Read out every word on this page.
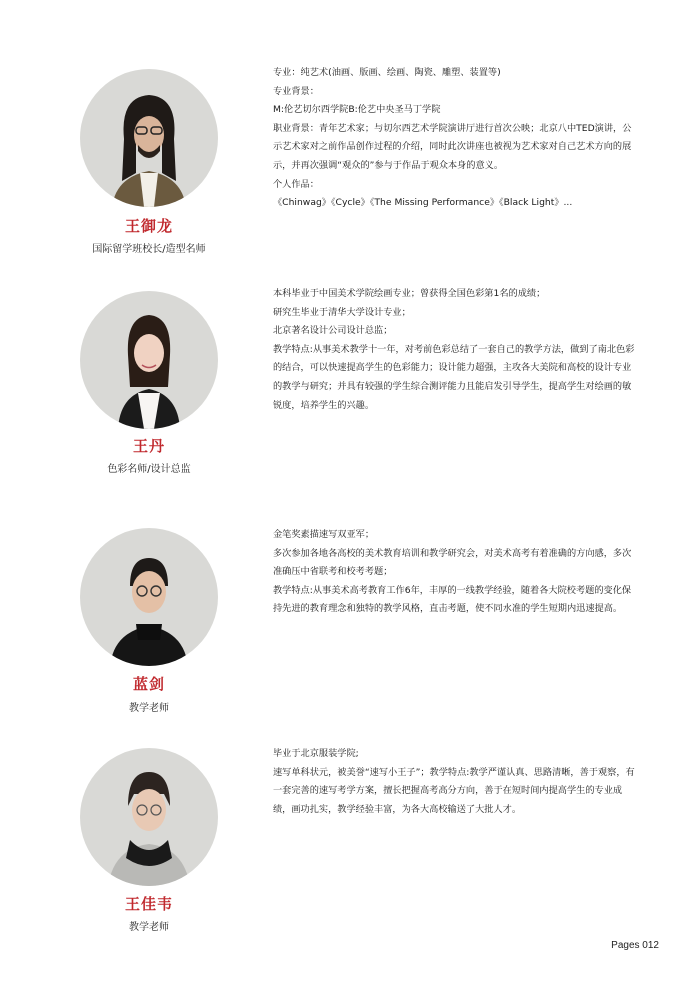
王御龙
国际留学班校长/造型名师

专业：纯艺术(油画、版画、绘画、陶瓷、雕塑、装置等)

专业背景：

M:伦艺切尔西学院B:伦艺中央圣马丁学院

职业背景：青年艺术家；与切尔西艺术学院演讲厅进行首次公映；北京八中TED演讲，公示艺术家对之前作品创作过程的介绍，同时此次讲座也被视为艺术家对自己艺术方向的展示，并再次强调“观众的”参与于作品于观众本身的意义。

个人作品：

《Chinwag》《Cycle》《The Missing Performance》《Black Light》...

王丹
色彩名师/设计总监

本科毕业于中国美术学院绘画专业；曾获得全国色彩第1名的成绩；

研究生毕业于清华大学设计专业；

北京著名设计公司设计总监；

教学特点:从事美术教学十一年，对考前色彩总结了一套自己的教学方法，做到了南北色彩的结合，可以快速提高学生的色彩能力；设计能力超强，主攻各大美院和高校的设计专业的教学与研究；并具有较强的学生综合测评能力且能启发引导学生，提高学生对绘画的敏锐度，培养学生的兴趣。

蓝剑
教学老师

金笔奖素描速写双亚军；

多次参加各地各高校的美术教育培训和教学研究会，对美术高考有着准确的方向感，多次准确压中省联考和校考考题；

教学特点:从事美术高考教育工作6年，丰厚的一线教学经验，随着各大院校考题的变化保持先进的教育理念和独特的教学风格，直击考题，使不同水准的学生短期内迅速提高。

王佳韦
教学老师

毕业于北京服装学院;

速写单科状元，被美誉“速写小王子”；教学特点:教学严谨认真、思路清晰，善于观察，有一套完善的速写考学方案，擅长把握高考高分方向，善于在短时间内提高学生的专业成绩，画功扎实，教学经验丰富，为各大高校输送了大批人才。

Pages 012
